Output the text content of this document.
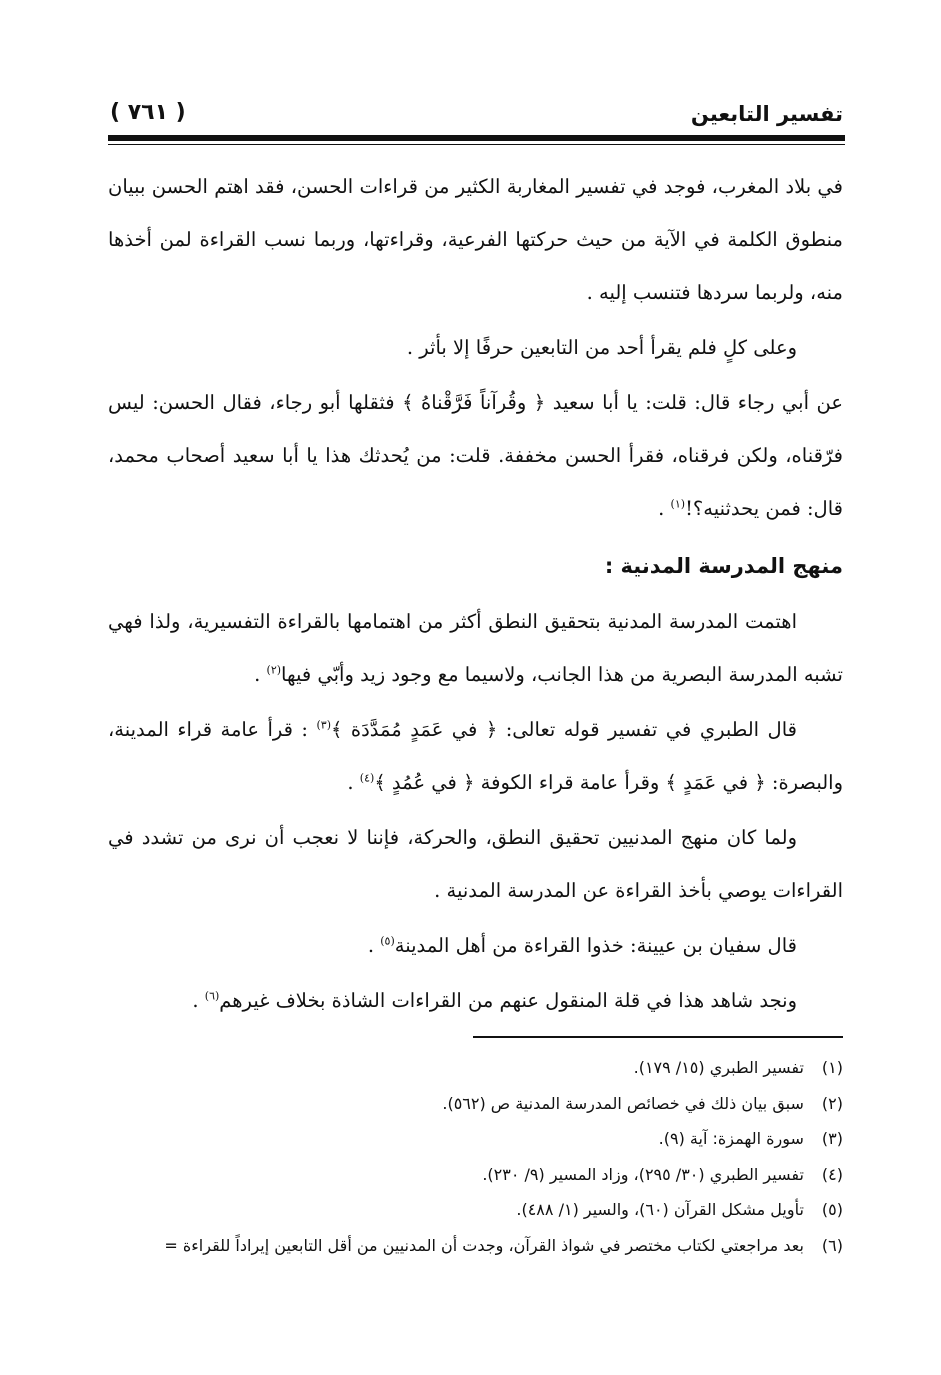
تفسير التابعين
( ٧٦١ )

في بلاد المغرب، فوجد في تفسير المغاربة الكثير من قراءات الحسن، فقد اهتم الحسن ببيان منطوق الكلمة في الآية من حيث حركتها الفرعية، وقراءتها، وربما نسب القراءة لمن أخذها منه، ولربما سردها فتنسب إليه .

وعلى كلٍ فلم يقرأ أحد من التابعين حرفًا إلا بأثر .

عن أبي رجاء قال: قلت: يا أبا سعيد ﴿ وقُرآناً فَرَّقْناهُ ﴾ فثقلها أبو رجاء، فقال الحسن: ليس فرّقناه، ولكن فرقناه، فقرأ الحسن مخففة. قلت: من يُحدثك هذا يا أبا سعيد أصحاب محمد، قال: فمن يحدثنيه؟!$^{(١)}$ .

منهج المدرسة المدنية :

اهتمت المدرسة المدنية بتحقيق النطق أكثر من اهتمامها بالقراءة التفسيرية، ولذا فهي تشبه المدرسة البصرية من هذا الجانب، ولاسيما مع وجود زيد وأبّي فيها$^{(٢)}$ .

قال الطبري في تفسير قوله تعالى: ﴿ في عَمَدٍ مُمَدَّدَة ﴾$^{(٣)}$ : قرأ عامة قراء المدينة، والبصرة: ﴿ في عَمَدٍ ﴾ وقرأ عامة قراء الكوفة ﴿ في عُمُدٍ ﴾$^{(٤)}$ .

ولما كان منهج المدنيين تحقيق النطق، والحركة، فإننا لا نعجب أن نرى من تشدد في القراءات يوصي بأخذ القراءة عن المدرسة المدنية .

قال سفيان بن عيينة: خذوا القراءة من أهل المدينة$^{(٥)}$ .

ونجد شاهد هذا في قلة المنقول عنهم من القراءات الشاذة بخلاف غيرهم$^{(٦)}$ .

(١) تفسير الطبري (١٥/ ١٧٩).
(٢) سبق بيان ذلك في خصائص المدرسة المدنية ص (٥٦٢).
(٣) سورة الهمزة: آية (٩).
(٤) تفسير الطبري (٣٠/ ٢٩٥)، وزاد المسير (٩/ ٢٣٠).
(٥) تأويل مشكل القرآن (٦٠)، والسير (١/ ٤٨٨).
(٦) بعد مراجعتي لكتاب مختصر في شواذ القرآن، وجدت أن المدنيين من أقل التابعين إيراداً للقراءة =
